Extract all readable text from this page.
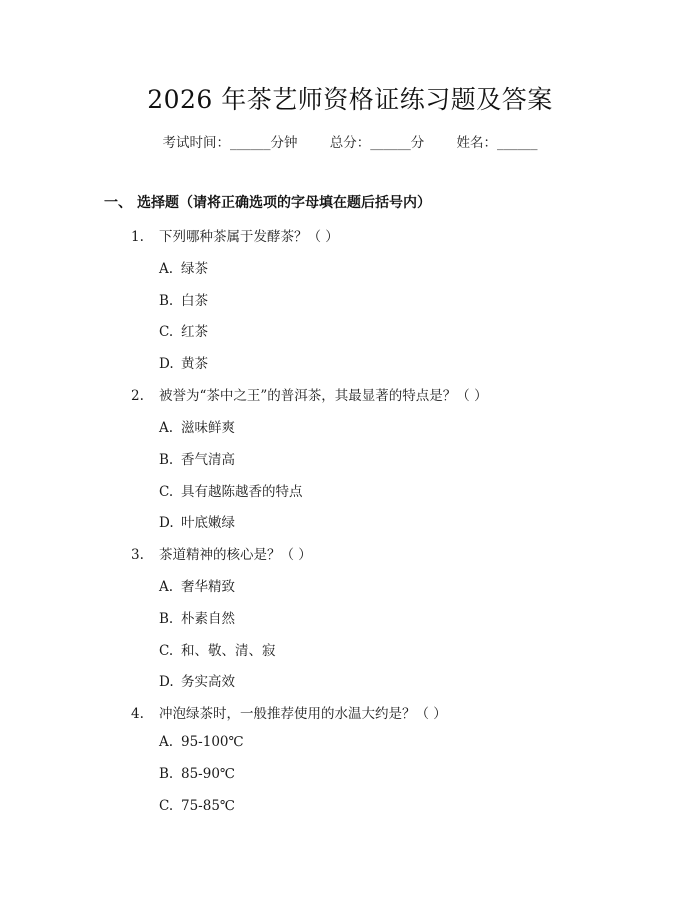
2026 年茶艺师资格证练习题及答案
考试时间：______分钟 总分：______分 姓名：______
一、 选择题（请将正确选项的字母填在题后括号内）
1. 下列哪种茶属于发酵茶？（ ）
A. 绿茶
B. 白茶
C. 红茶
D. 黄茶
2. 被誉为“茶中之王”的普洱茶，其最显著的特点是？（ ）
A. 滋味鲜爽
B. 香气清高
C. 具有越陈越香的特点
D. 叶底嫩绿
3. 茶道精神的核心是？（ ）
A. 奢华精致
B. 朴素自然
C. 和、敬、清、寂
D. 务实高效
4. 冲泡绿茶时，一般推荐使用的水温大约是？（ ）
A. 95-100℃
B. 85-90℃
C. 75-85℃
